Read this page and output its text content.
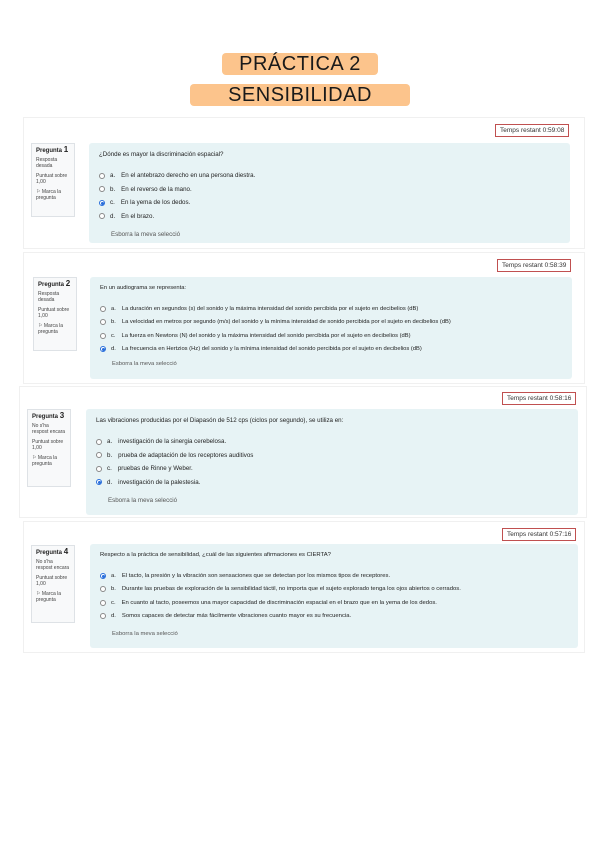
PRÁCTICA 2
SENSIBILIDAD
Temps restant 0:59:08
Pregunta 1
Resposta desada
Puntuat sobre 1,00
⚐ Marca la pregunta
¿Dónde es mayor la discriminación espacial?
a. En el antebrazo derecho en una persona diestra.
b. En el reverso de la mano.
c. En la yema de los dedos.
d. En el brazo.
Esborra la meva selecció
Temps restant 0:58:39
Pregunta 2
Resposta desada
Puntuat sobre 1,00
⚐ Marca la pregunta
En un audiograma se representa:
a. La duración en segundos (s) del sonido y la máxima intensidad del sonido percibida por el sujeto en decibelios (dB)
b. La velocidad en metros por segundo (m/s) del sonido y la mínima intensidad de sonido percibida por el sujeto en decibelios (dB)
c. La fuerza en Newtons (N) del sonido y la máxima intensidad del sonido percibida por el sujeto en decibelios (dB)
d. La frecuencia en Hertzios (Hz) del sonido y la mínima intensidad del sonido percibida por el sujeto en decibelios (dB)
Esborra la meva selecció
Temps restant 0:58:16
Pregunta 3
No s'ha respost encara
Puntuat sobre 1,00
⚐ Marca la pregunta
Las vibraciones producidas por el Diapasón de 512 cps (ciclos por segundo), se utiliza en:
a. investigación de la sinergia cerebelosa.
b. prueba de adaptación de los receptores auditivos
c. pruebas de Rinne y Weber.
d. investigación de la palestesia.
Esborra la meva selecció
Temps restant 0:57:16
Pregunta 4
No s'ha respost encara
Puntuat sobre 1,00
⚐ Marca la pregunta
Respecto a la práctica de sensibilidad, ¿cuál de las siguientes afirmaciones es CIERTA?
a. El tacto, la presión y la vibración son sensaciones que se detectan por los mismos tipos de receptores.
b. Durante las pruebas de exploración de la sensibilidad táctil, no importa que el sujeto explorado tenga los ojos abiertos o cerrados.
c. En cuanto al tacto, poseemos una mayor capacidad de discriminación espacial en el brazo que en la yema de los dedos.
d. Somos capaces de detectar más fácilmente vibraciones cuanto mayor es su frecuencia.
Esborra la meva selecció
